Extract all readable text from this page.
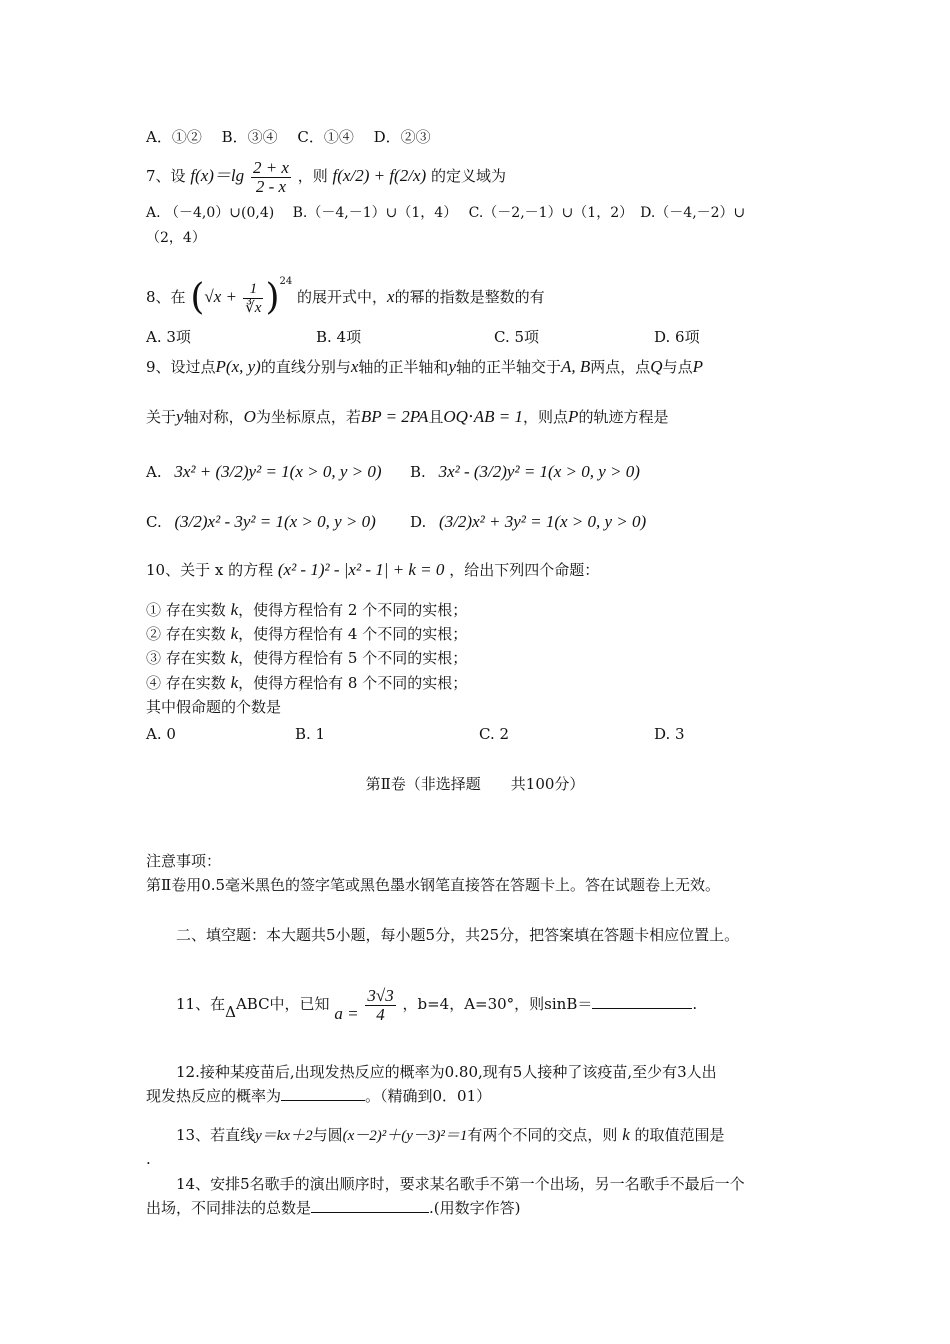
A．①②　 B．③④　 C．①④　 D．②③
7、设 $f(x)=\lg \frac{2 + x}{2 - x}$ ，则 f(x/2) + f(2/x) 的定义域为
A. （－4,0）∪(0,4)　 B.（－4,－1）∪（1，4）　 C.（－2,－1）∪（1，2）　D.（－4,－2）∪
（2，4）
8、在 $(√x + \frac{1}{∛x} )^{24}$ 的展开式中，x的幂的指数是整数的有
A. 3项	B. 4项	C. 5项	D. 6项
9、设过点P(x, y)的直线分别与x轴的正半轴和y轴的正半轴交于A, B两点，点Q与点P
关于y轴对称，O为坐标原点，若BP = 2PA且OQ⋅AB = 1，则点P的轨迹方程是
A. 3x² + (3/2)y² = 1(x > 0, y > 0) B. 3x² - (3/2)y² = 1(x > 0, y > 0)
C. (3/2)x² - 3y² = 1(x > 0, y > 0) D. (3/2)x² + 3y² = 1(x > 0, y > 0)
10、关于 x 的方程 (x² - 1)² - |x² - 1| + k = 0 ，给出下列四个命题：
① 存在实数 k，使得方程恰有 2 个不同的实根；
② 存在实数 k，使得方程恰有 4 个不同的实根；
③ 存在实数 k，使得方程恰有 5 个不同的实根；
④ 存在实数 k，使得方程恰有 8 个不同的实根；
其中假命题的个数是
A. 0	B. 1	C. 2	D. 3
第Ⅱ卷（非选择题　　共100分）
注意事项：
第Ⅱ卷用0.5毫米黑色的签字笔或黑色墨水钢笔直接答在答题卡上。答在试题卷上无效。
二、填空题：本大题共5小题，每小题5分，共25分，把答案填在答题卡相应位置上。
11、在ΔABC中，已知 $a = \frac{3√3}{4}$ ，b=4，A=30°，则sinB＝	.
12.接种某疫苗后,出现发热反应的概率为0.80,现有5人接种了该疫苗,至少有3人出
现发热反应的概率为	。（精确到0．01）
13、若直线y＝kx＋2与圆(x－2)²＋(y－3)²＝1有两个不同的交点，则 k 的取值范围是
.
14、安排5名歌手的演出顺序时，要求某名歌手不第一个出场，另一名歌手不最后一个
出场，不同排法的总数是	.(用数字作答)
